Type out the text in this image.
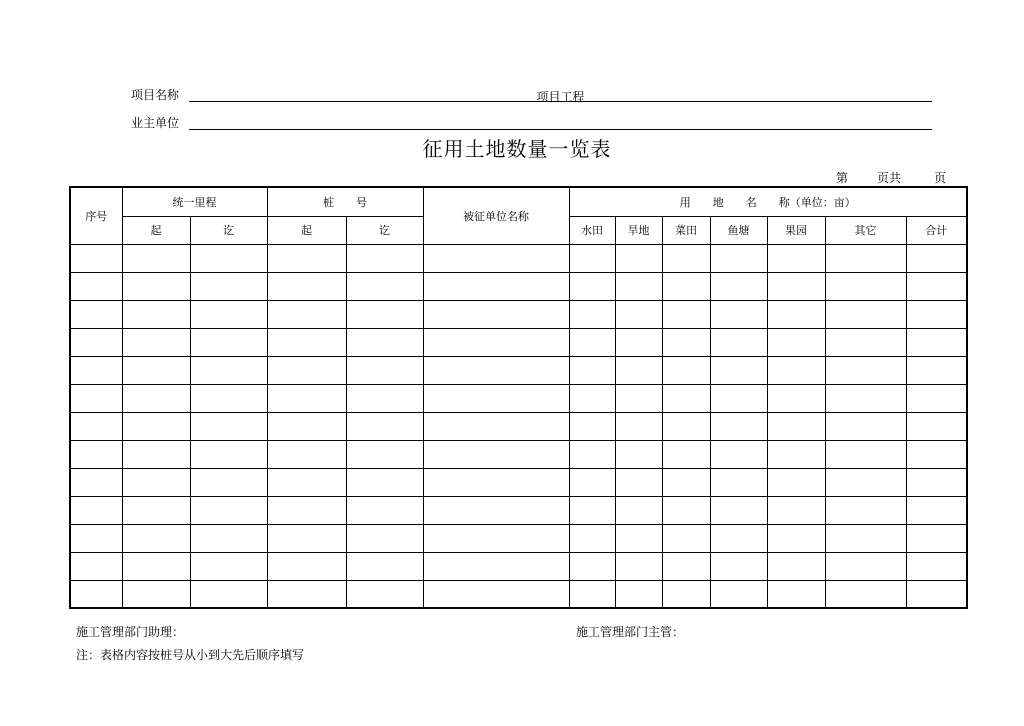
项目名称	项目工程
业主单位
征用土地数量一览表
第 页共	页
序号	统一里程		桩　　号		被征单位名称	用　　地　　名　　称（单位：亩）						
	起	讫	起	讫		水田	旱地	菜田	鱼塘	果园	其它	合计

施工管理部门助理：	施工管理部门主管：
注：表格内容按桩号从小到大先后顺序填写
